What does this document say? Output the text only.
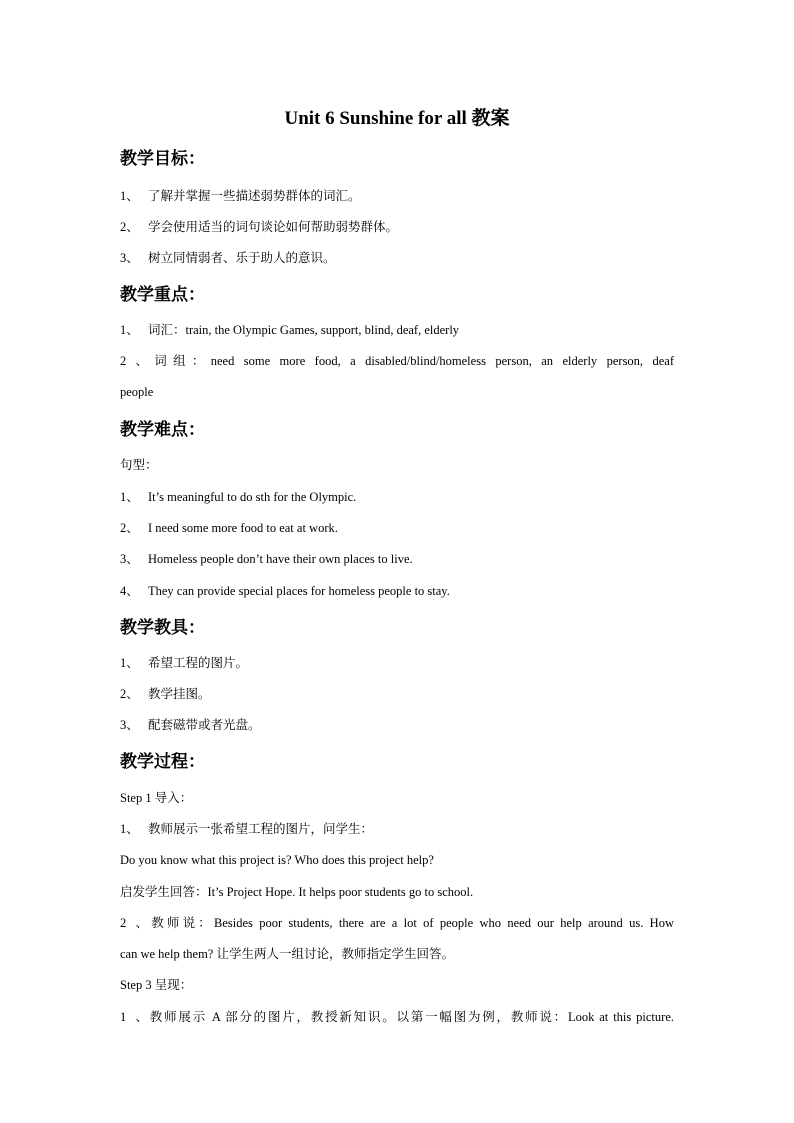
Unit 6 Sunshine for all 教案
教学目标：
1、 了解并掌握一些描述弱势群体的词汇。
2、 学会使用适当的词句谈论如何帮助弱势群体。
3、 树立同情弱者、乐于助人的意识。
教学重点：
1、 词汇：train, the Olympic Games, support, blind, deaf, elderly
2、词组：need some more food, a disabled/blind/homeless person, an elderly person, deaf
people
教学难点：
句型：
1、 It’s meaningful to do sth for the Olympic.
2、 I need some more food to eat at work.
3、 Homeless people don’t have their own places to live.
4、 They can provide special places for homeless people to stay.
教学教具：
1、 希望工程的图片。
2、 教学挂图。
3、 配套磁带或者光盘。
教学过程：
Step 1 导入：
1、 教师展示一张希望工程的图片，问学生：
Do you know what this project is? Who does this project help?
启发学生回答：It’s Project Hope. It helps poor students go to school.
2、教师说：Besides poor students, there are a lot of people who need our help around us. How
can we help them? 让学生两人一组讨论，教师指定学生回答。
Step 3 呈现：
1、教师展示 A 部分的图片，教授新知识。以第一幅图为例，教师说：Look at this picture.
